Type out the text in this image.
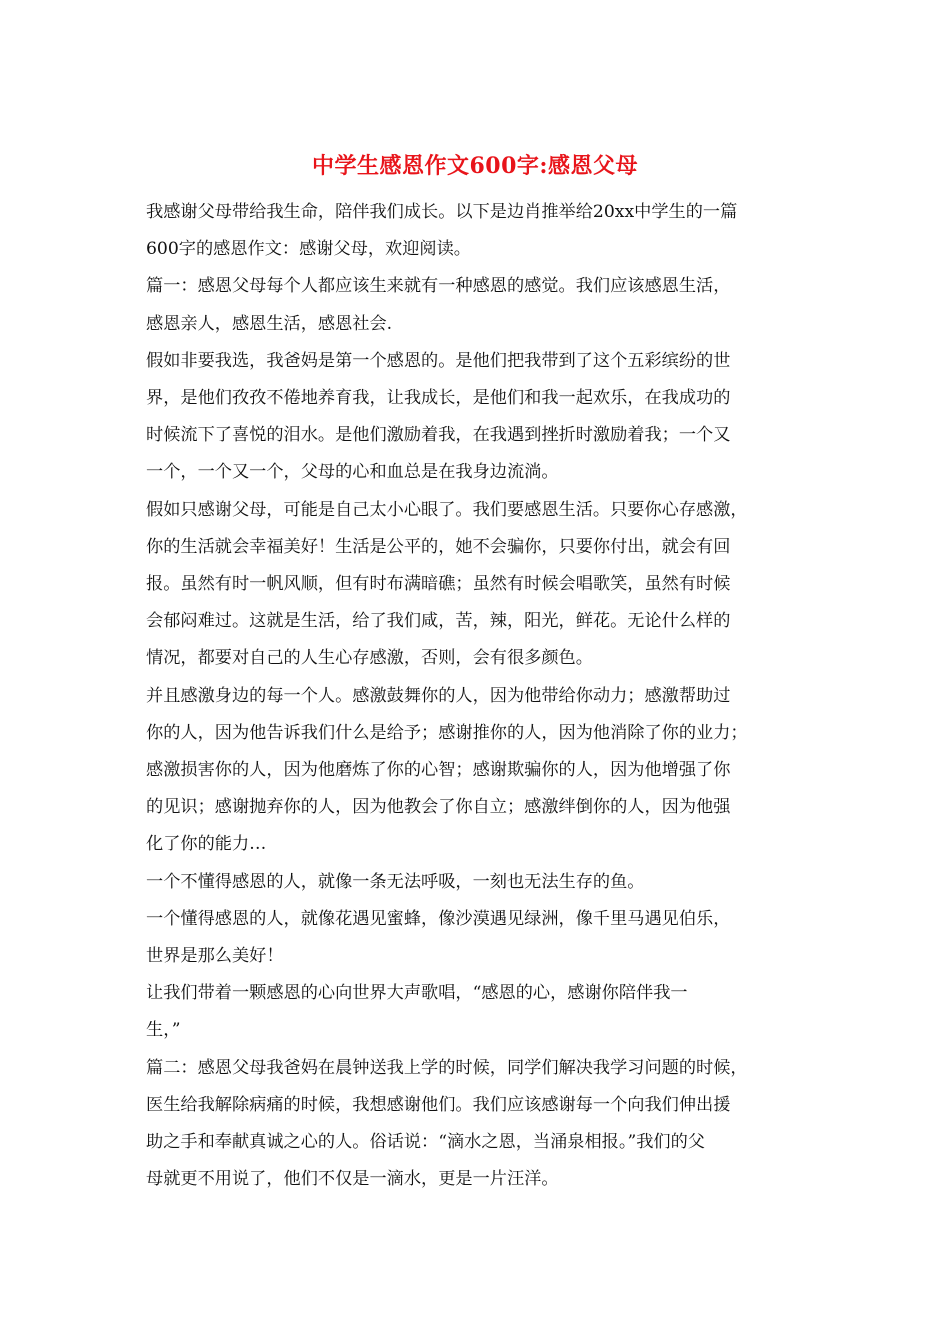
中学生感恩作文600字:感恩父母

我感谢父母带给我生命，陪伴我们成长。以下是边肖推举给20xx中学生的一篇

600字的感恩作文：感谢父母，欢迎阅读。

篇一：感恩父母每个人都应该生来就有一种感恩的感觉。我们应该感恩生活，

感恩亲人，感恩生活，感恩社会.

假如非要我选，我爸妈是第一个感恩的。是他们把我带到了这个五彩缤纷的世

界，是他们孜孜不倦地养育我，让我成长，是他们和我一起欢乐，在我成功的

时候流下了喜悦的泪水。是他们激励着我，在我遇到挫折时激励着我；一个又

一个，一个又一个，父母的心和血总是在我身边流淌。

假如只感谢父母，可能是自己太小心眼了。我们要感恩生活。只要你心存感激，

你的生活就会幸福美好！生活是公平的，她不会骗你，只要你付出，就会有回

报。虽然有时一帆风顺，但有时布满暗礁；虽然有时候会唱歌笑，虽然有时候

会郁闷难过。这就是生活，给了我们咸，苦，辣，阳光，鲜花。无论什么样的

情况，都要对自己的人生心存感激，否则，会有很多颜色。

并且感激身边的每一个人。感激鼓舞你的人，因为他带给你动力；感激帮助过

你的人，因为他告诉我们什么是给予；感谢推你的人，因为他消除了你的业力；

感激损害你的人，因为他磨炼了你的心智；感谢欺骗你的人，因为他增强了你

的见识；感谢抛弃你的人，因为他教会了你自立；感激绊倒你的人，因为他强

化了你的能力…

一个不懂得感恩的人，就像一条无法呼吸，一刻也无法生存的鱼。

一个懂得感恩的人，就像花遇见蜜蜂，像沙漠遇见绿洲，像千里马遇见伯乐，

世界是那么美好！

让我们带着一颗感恩的心向世界大声歌唱，“感恩的心，感谢你陪伴我一

生，”

篇二：感恩父母我爸妈在晨钟送我上学的时候，同学们解决我学习问题的时候，

医生给我解除病痛的时候，我想感谢他们。我们应该感谢每一个向我们伸出援

助之手和奉献真诚之心的人。俗话说：“滴水之恩，当涌泉相报。”我们的父

母就更不用说了，他们不仅是一滴水，更是一片汪洋。
